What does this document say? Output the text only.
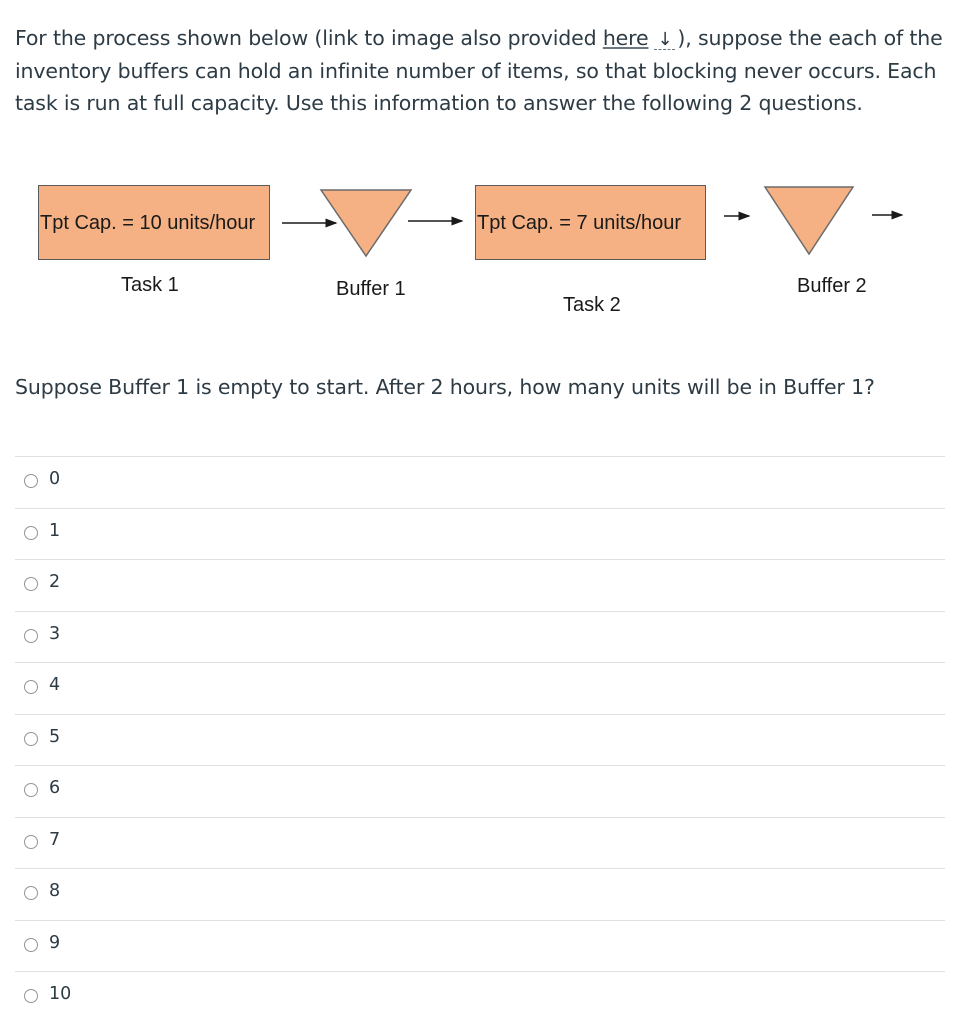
For the process shown below (link to image also provided here ↓ ), suppose the each of the inventory buffers can hold an infinite number of items, so that blocking never occurs. Each task is run at full capacity. Use this information to answer the following 2 questions.
Tpt Cap. = 10 units/hour	Tpt Cap. = 7 units/hour
Task 1	Buffer 1
Task 2
Buffer 2
Suppose Buffer 1 is empty to start. After 2 hours, how many units will be in Buffer 1?
0
1
2
3
4
5
6
7
8
9
10
